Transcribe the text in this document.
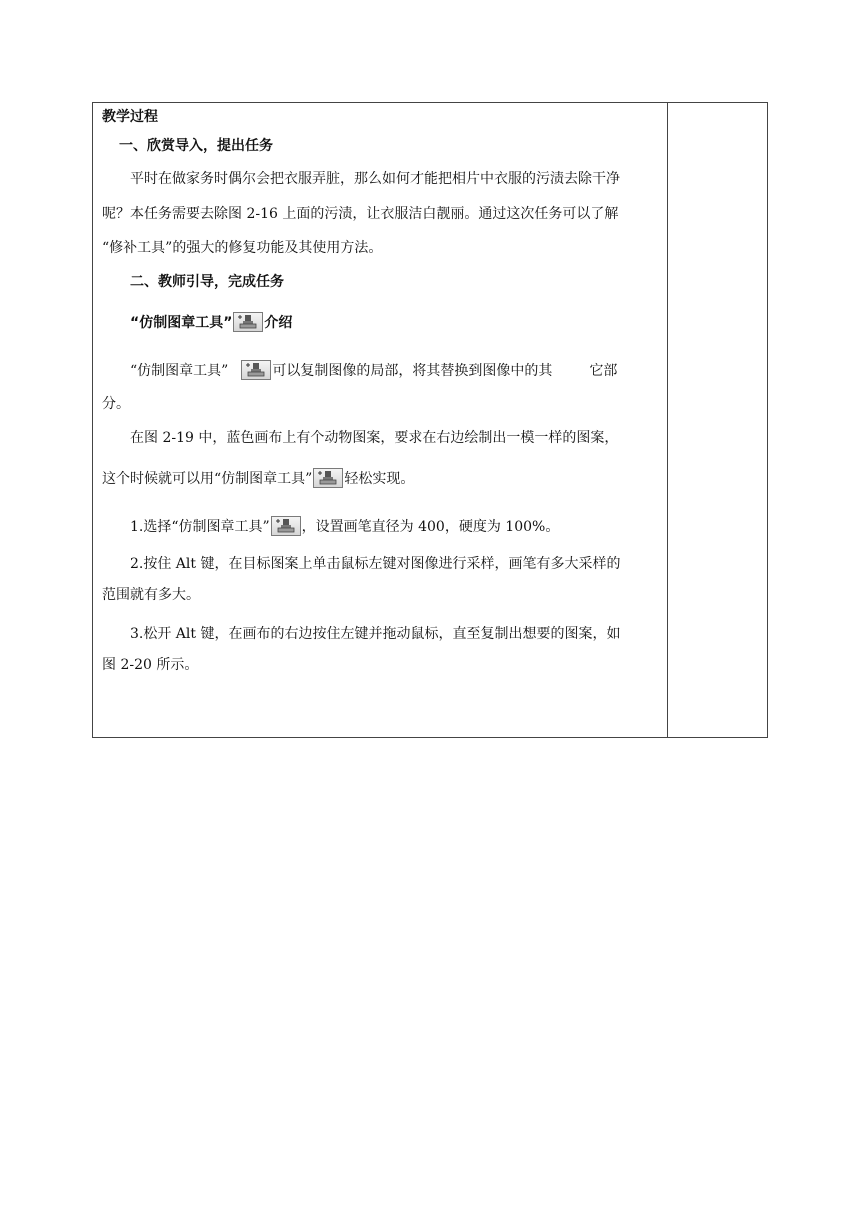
教学过程
一、欣赏导入，提出任务
平时在做家务时偶尔会把衣服弄脏，那么如何才能把相片中衣服的污渍去除干净
呢？本任务需要去除图 2-16 上面的污渍，让衣服洁白靓丽。通过这次任务可以了解
“修补工具”的强大的修复功能及其使用方法。
二、教师引导，完成任务
“仿制图章工具” 介绍
“仿制图章工具”	可以复制图像的局部，将其替换到图像中的其	它部
分。
在图 2-19 中，蓝色画布上有个动物图案，要求在右边绘制出一模一样的图案，
这个时候就可以用“仿制图章工具” 轻松实现。
1.选择“仿制图章工具” ，设置画笔直径为 400，硬度为 100%。
2.按住 Alt 键，在目标图案上单击鼠标左键对图像进行采样，画笔有多大采样的
范围就有多大。
3.松开 Alt 键，在画布的右边按住左键并拖动鼠标，直至复制出想要的图案，如
图 2-20 所示。
